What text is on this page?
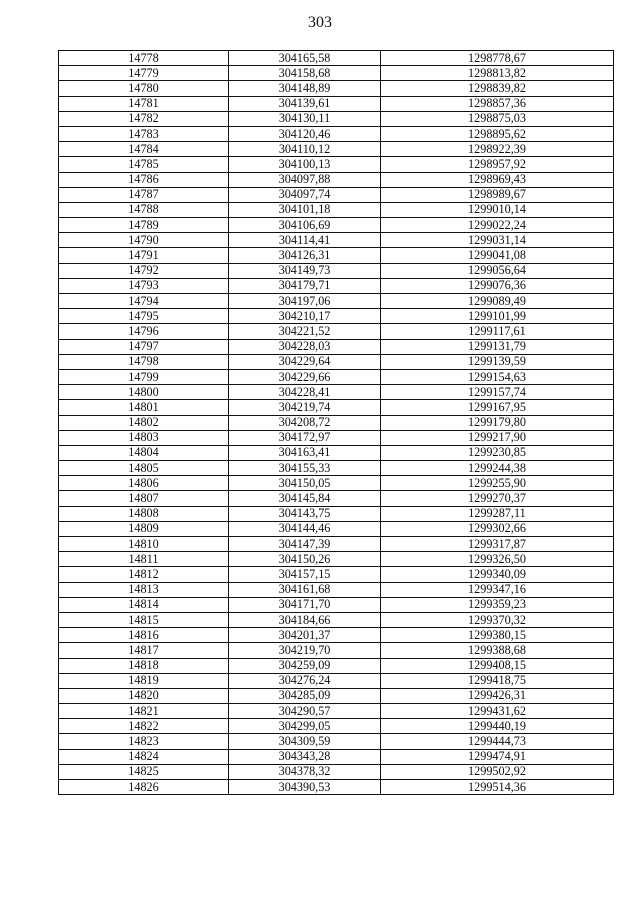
303
14778	304165,58	1298778,67
14779	304158,68	1298813,82
14780	304148,89	1298839,82
14781	304139,61	1298857,36
14782	304130,11	1298875,03
14783	304120,46	1298895,62
14784	304110,12	1298922,39
14785	304100,13	1298957,92
14786	304097,88	1298969,43
14787	304097,74	1298989,67
14788	304101,18	1299010,14
14789	304106,69	1299022,24
14790	304114,41	1299031,14
14791	304126,31	1299041,08
14792	304149,73	1299056,64
14793	304179,71	1299076,36
14794	304197,06	1299089,49
14795	304210,17	1299101,99
14796	304221,52	1299117,61
14797	304228,03	1299131,79
14798	304229,64	1299139,59
14799	304229,66	1299154,63
14800	304228,41	1299157,74
14801	304219,74	1299167,95
14802	304208,72	1299179,80
14803	304172,97	1299217,90
14804	304163,41	1299230,85
14805	304155,33	1299244,38
14806	304150,05	1299255,90
14807	304145,84	1299270,37
14808	304143,75	1299287,11
14809	304144,46	1299302,66
14810	304147,39	1299317,87
14811	304150,26	1299326,50
14812	304157,15	1299340,09
14813	304161,68	1299347,16
14814	304171,70	1299359,23
14815	304184,66	1299370,32
14816	304201,37	1299380,15
14817	304219,70	1299388,68
14818	304259,09	1299408,15
14819	304276,24	1299418,75
14820	304285,09	1299426,31
14821	304290,57	1299431,62
14822	304299,05	1299440,19
14823	304309,59	1299444,73
14824	304343,28	1299474,91
14825	304378,32	1299502,92
14826	304390,53	1299514,36
